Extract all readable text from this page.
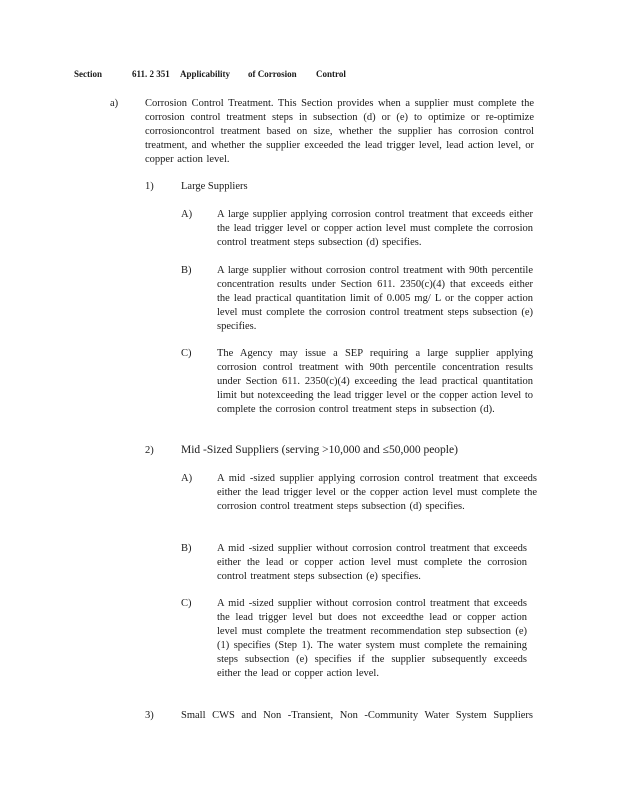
Section	611. 2 351 Applicability of Corrosion Control
a)	Corrosion Control Treatment. This Section provides when a supplier must complete the corrosion control treatment steps in subsection (d) or (e) to optimize or re-optimize corrosioncontrol treatment based on size, whether the supplier has corrosion control treatment, and whether the supplier exceeded the lead trigger level, lead action level, or copper action level.
1)	Large Suppliers
A) A large supplier applying corrosion control treatment that exceeds either the lead trigger level or copper action level must complete the corrosion control treatment steps subsection (d) specifies.
B) A large supplier without corrosion control treatment with 90th percentile concentration results under Section 611. 2350(c)(4) that exceeds either the lead practical quantitation limit of 0.005 mg/ L or the copper action level must complete the corrosion control treatment steps subsection (e) specifies.
C) The Agency may issue a SEP requiring a large supplier applying corrosion control treatment with 90th percentile concentration results under Section 611. 2350(c)(4) exceeding the lead practical quantitation limit but notexceeding the lead trigger level or the copper action level to complete the corrosion control treatment steps in subsection (d).
2) Mid -Sized Suppliers (serving >10,000 and ≤50,000 people)
A) A mid -sized supplier applying corrosion control treatment that exceeds either the lead trigger level or the copper action level must complete the corrosion control treatment steps subsection (d) specifies.
B) A mid -sized supplier without corrosion control treatment that exceeds either the lead or copper action level must complete the corrosion control treatment steps subsection (e) specifies.
C) A mid -sized supplier without corrosion control treatment that exceeds the lead trigger level but does not exceedthe lead or copper action level must complete the treatment recommendation step subsection (e)(1) specifies (Step 1). The water system must complete the remaining steps subsection (e) specifies if the supplier subsequently exceeds either the lead or copper action level.
3)	Small CWS and Non -Transient, Non -Community Water System Suppliers
